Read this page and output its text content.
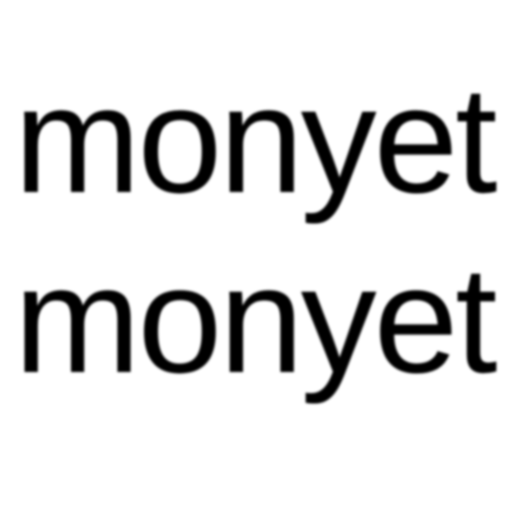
monyet
monyet
